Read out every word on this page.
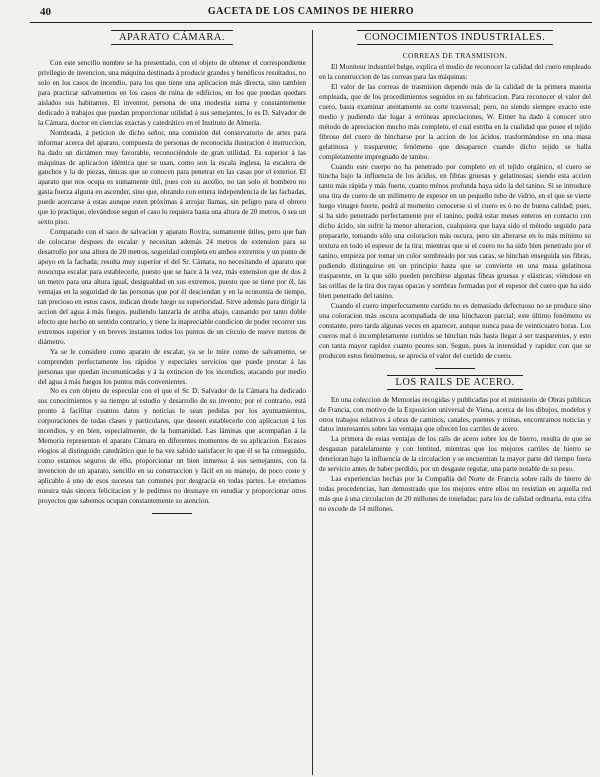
40	GACETA DE LOS CAMINOS DE HIERRO
APARATO CÁMARA.

Con este sencillo nombre se ha presentado, con el objeto de obtener el correspondiente privilegio de invencion, una máquina destinada á producir grandes y benéficos resultados, no solo en los casos de incendio, para los que tiene una aplicacion más directa, sino tambien para practicar salvamentos en los casos de ruina de edificios, en los que puedan quedars aislados sus habitantes. El inventor, persona de una modestia suma y constantemente dedicado á trabajos que puedan proporcionar utilidad á sus semejantes, lo es D. Salvador de la Cámara, doctor en ciencias exactas y catedrático en el Instituto de Almería.

Nombrada, á peticion de dicho señor, una comision del conservatorio de artes para informar acerca del aparato, compuesta de personas de reconocida ilustracion é instruccion, ha dado un dictámen muy favorable, reconociéndole de gran utilidad. Es superior á las máquinas de aplicacion idéntica que se usan, como son la escala inglesa, la escalera de ganchos y la de piezas, únicas que se conocen para penetrar en las casas por el exterior. El aparato que nos ocupa es sumamente útil, pues con su auxilio, no tan solo el bombero no gasta fuerza alguna en ascender, sino que, obrando con entera independencia de las fachadas, puede acercarse á estas aunque esten próximas á arrojar llamas, sin peligro para el obrero que lo practique, elevándose segun el caso lo requiera hasta una altura de 20 metros, ó sea un sexto piso.

Comparado con el saco de salvacion y aparato Rovira, sumamente útiles, pero que han de colocarse despues de escalar y necesitan además 24 metros de extension para su desarrollo por una altura de 20 metros, seguridad completa en ambos extremos y un punto de apoyo en la fachada; resulta muy superior el del Sr. Cámara, no necesitando el aparato que nosocupa escalar para establecerle, puesto que se hace á la vez, más extension que de dos á un metro para una altura igual, desigualdad en sus extremos, puesto que se tiene por él, las ventajas en la seguridad de las personas que por él desciendan y en la economía de tiempo, tan precioso en estos casos, indican desde luego su superioridad. Sirve además para dirigir la accion del agua á más fuegos, pudiendo lanzarla de arriba abajo, causando por tanto doble efecto que hecho en sentido contrario, y tiene la inapreciable condicion de poder recorrer sus extremos superior y en breves instantes todos los puntos de un círculo de nueve metros de diámetro.

Ya se le considere como aparato de escalar, ya se le mire como de salvamento, se comprenden perfectamente los rápidos y especiales servicios que puede prestar á las personas que quedan incomunicadas y á la extincion de los incendios, atacando por medio del agua á más fuegos los puntos más convenientes.

No es con objeto de especular con el que el Sr. D. Salvador de la Cámara ha dedicado sus conocimientos y su tiempo al estudio y desarrollo de su invento; por el contrario, está pronto á facilitar cuantos datos y noticias le sean pedidas por los ayuntamientos, corporaciones de todas clases y particulares, que deseen establecerle con aplicacion á los incendios, y en bien, especialmente, de la humanidad. Las láminas que acompañan á la Memoria representan el aparato Cámara en diferentes momentos de su aplicacion. Escasos elogios al distinguido catedrático que le ha vez sabido satisfacer lo que él se ha conseguido, como estamos seguros de ello, proporcionar un bien inmenso á sus semejantes, con la invencion de un aparato, sencillo en su construccion y fácil en su manejo, de poco coste y aplicable á uno de esos sucesos tan comunes por desgracia en todas partes. Le enviamos nuestra más sincera felicitacion y le pedimos no desmaye en estudiar y proporcionar otros proyectos que sabemos ocupan constantemente su atencion.

CONOCIMIENTOS INDUSTRIALES.
CORREAS DE TRASMISION.

El Moniteur industriel belge, explica el medio de reconocer la calidad del cuero empleado en la construccion de las correas para las máquinas:

El valor de las correas de trasmision depende más de la calidad de la primera materia empleada, que de los procedimientos seguidos en su fabricacion. Para reconocer el valor del cuero, basta examinar atentamente su corte trasversal; pero, no siendo siempre exacto este medio y pudiendo dar lugar á erróneas apreciaciones, W. Eitner ha dado á conocer otro método de apreciacion mucho más completo, el cual estriba en la cualidad que posee el tejido fibroso del cuero de hincharse por la accion de los ácidos, trasformándose en una masa gelatinosa y trasparente; fenómeno que desaparece cuando dicho tejido se halla completamente impregnado de tanino.

Cuando este cuerpo no ha penetrado por completo en el tejido orgánico, el cuero se hincha bajo la influencia de los ácidos, en fibras gruesas y gelatinosas; siendo esta accion tanto más rápida y más fuerte, cuanto ménos profunda haya sido la del tanino. Si se introduce una tira de cuero de un milímetro de espesor en un pequeño tubo de vidrio, en el que se vierte luego vinagre fuerte, podrá al momento conocerse si el cuero es ó no de buena calidad; pues, si ha sido penetrado perfectamente por el tanino, podrá estar meses enteros en contacto con dicho ácido, sin sufrir la menor alteracion, cualquiera que haya sido el método seguido para prepararle, tomando sólo una coloracion más oscura, pero sin alterarse en lo más mínimo su textura en todo el espesor de la tira; mientras que si el cuero no ha sido bien penetrado por el tanino, empieza por tomar un color sombreado por sus caras, se hinchan enseguida sus fibras, pudiendo distinguirse en un principio hasta que se convierte en una masa gelatinosa trasparente, en la que sólo pueden percibirse algunas fibras gruesas y elásticas; viéndose en las orillas de la tira dos rayas opacas y sombras formadas por el espesor del cuero que ha sido bien penetrado del tanino.

Cuando el cuero imperfectamente curtido no es demasiado defectuoso no se produce sino una coloracion más oscura acompañada de una hinchazon parcial; este último fenómeno es constante, pero tarda algunas veces en aparecer, aunque nunca pasa de veinticuatro horas. Los cueros mal ó incompletamente curtidos se hinchan más hasta llegar á ser trasparentes, y esto con tanta mayor rapidez cuanto peores son. Segun, pues la intensidad y rapidez con que se producen estos fenómenos, se aprecia el valor del curtido de cuero.

LOS RAILS DE ACERO.

En una coleccion de Memorias recogidas y publicadas por el ministerio de Obras públicas de Francia, con motivo de la Exposicion universal de Viena, acerca de los dibujos, modelos y otros trabajos relativos á obras de caminos, canales, puentes y minas, encontramos noticias y datos interesantes sobre las ventajas que ofrecen los carriles de acero.

La primera de estas ventajas de los rails de acero sobre los de hierro, resulta de que se desgastan paralelamente y con lentitud, mientras que los mejores carriles de hierro se deterioran bajo la influencia de la circulacion y se encuentran la mayor parte del tiempo fuera de servicio antes de haber perdido, por un desgaste regular, una parte notable de su peso.

Las experiencias hechas por la Compañía del Norte de Francia sobre rails de hierro de todas procedencias, han demostrado que los mejores entre ellos no resistian en aquella red más que á una circulacion de 20 millones de toneladas; para los de calidad ordinaria, esta cifra no excede de 14 millones.
